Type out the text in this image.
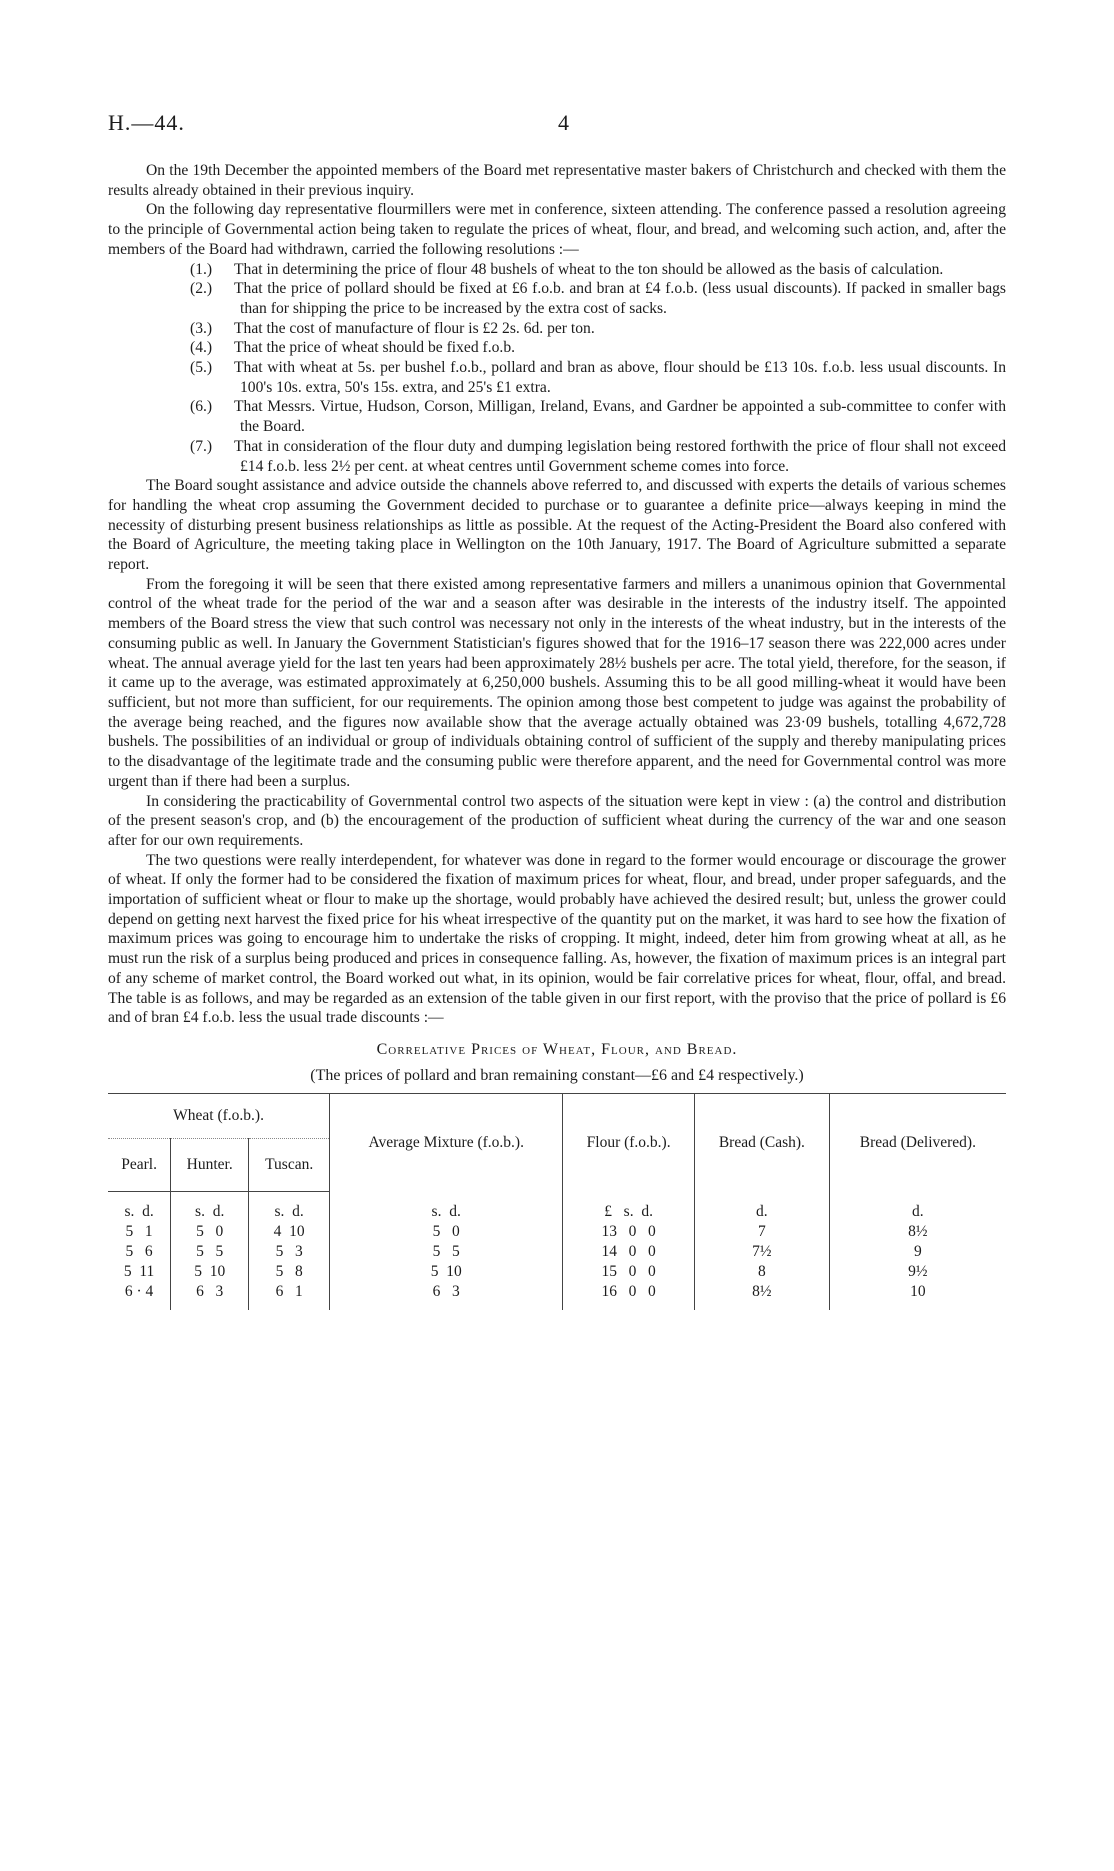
H.—44.	4

On the 19th December the appointed members of the Board met representative master bakers of Christchurch and checked with them the results already obtained in their previous inquiry.

On the following day representative flourmillers were met in conference, sixteen attending. The conference passed a resolution agreeing to the principle of Governmental action being taken to regulate the prices of wheat, flour, and bread, and welcoming such action, and, after the members of the Board had withdrawn, carried the following resolutions :—

(1.) That in determining the price of flour 48 bushels of wheat to the ton should be allowed as the basis of calculation.
(2.) That the price of pollard should be fixed at £6 f.o.b. and bran at £4 f.o.b. (less usual discounts). If packed in smaller bags than for shipping the price to be increased by the extra cost of sacks.
(3.) That the cost of manufacture of flour is £2 2s. 6d. per ton.
(4.) That the price of wheat should be fixed f.o.b.
(5.) That with wheat at 5s. per bushel f.o.b., pollard and bran as above, flour should be £13 10s. f.o.b. less usual discounts. In 100's 10s. extra, 50's 15s. extra, and 25's £1 extra.
(6.) That Messrs. Virtue, Hudson, Corson, Milligan, Ireland, Evans, and Gardner be appointed a sub-committee to confer with the Board.
(7.) That in consideration of the flour duty and dumping legislation being restored forthwith the price of flour shall not exceed £14 f.o.b. less 2½ per cent. at wheat centres until Government scheme comes into force.

The Board sought assistance and advice outside the channels above referred to, and discussed with experts the details of various schemes for handling the wheat crop assuming the Government decided to purchase or to guarantee a definite price—always keeping in mind the necessity of disturbing present business relationships as little as possible. At the request of the Acting-President the Board also confered with the Board of Agriculture, the meeting taking place in Wellington on the 10th January, 1917. The Board of Agriculture submitted a separate report.

From the foregoing it will be seen that there existed among representative farmers and millers a unanimous opinion that Governmental control of the wheat trade for the period of the war and a season after was desirable in the interests of the industry itself. The appointed members of the Board stress the view that such control was necessary not only in the interests of the wheat industry, but in the interests of the consuming public as well. In January the Government Statistician's figures showed that for the 1916–17 season there was 222,000 acres under wheat. The annual average yield for the last ten years had been approximately 28½ bushels per acre. The total yield, therefore, for the season, if it came up to the average, was estimated approximately at 6,250,000 bushels. Assuming this to be all good milling-wheat it would have been sufficient, but not more than sufficient, for our requirements. The opinion among those best competent to judge was against the probability of the average being reached, and the figures now available show that the average actually obtained was 23·09 bushels, totalling 4,672,728 bushels. The possibilities of an individual or group of individuals obtaining control of sufficient of the supply and thereby manipulating prices to the disadvantage of the legitimate trade and the consuming public were therefore apparent, and the need for Governmental control was more urgent than if there had been a surplus.

In considering the practicability of Governmental control two aspects of the situation were kept in view : (a) the control and distribution of the present season's crop, and (b) the encouragement of the production of sufficient wheat during the currency of the war and one season after for our own requirements.

The two questions were really interdependent, for whatever was done in regard to the former would encourage or discourage the grower of wheat. If only the former had to be considered the fixation of maximum prices for wheat, flour, and bread, under proper safeguards, and the importation of sufficient wheat or flour to make up the shortage, would probably have achieved the desired result; but, unless the grower could depend on getting next harvest the fixed price for his wheat irrespective of the quantity put on the market, it was hard to see how the fixation of maximum prices was going to encourage him to undertake the risks of cropping. It might, indeed, deter him from growing wheat at all, as he must run the risk of a surplus being produced and prices in consequence falling. As, however, the fixation of maximum prices is an integral part of any scheme of market control, the Board worked out what, in its opinion, would be fair correlative prices for wheat, flour, offal, and bread. The table is as follows, and may be regarded as an extension of the table given in our first report, with the proviso that the price of pollard is £6 and of bran £4 f.o.b. less the usual trade discounts :—

Correlative Prices of Wheat, Flour, and Bread.
(The prices of pollard and bran remaining constant—£6 and £4 respectively.)
Wheat (f.o.b.).			Average Mixture (f.o.b.).	Flour (f.o.b.).	Bread (Cash).	Bread (Delivered).
Pearl.	Hunter.	Tuscan.				
s.  d.	s.  d.	s.  d.	s.  d.	£   s.  d.	d.	d.
5   1	5   0	4  10	5   0	13   0   0	7	8½
5   6	5   5	5   3	5   5	14   0   0	7½	9
5  11	5  10	5   8	5  10	15   0   0	8	9½
6 · 4	6   3	6   1	6   3	16   0   0	8½	10
